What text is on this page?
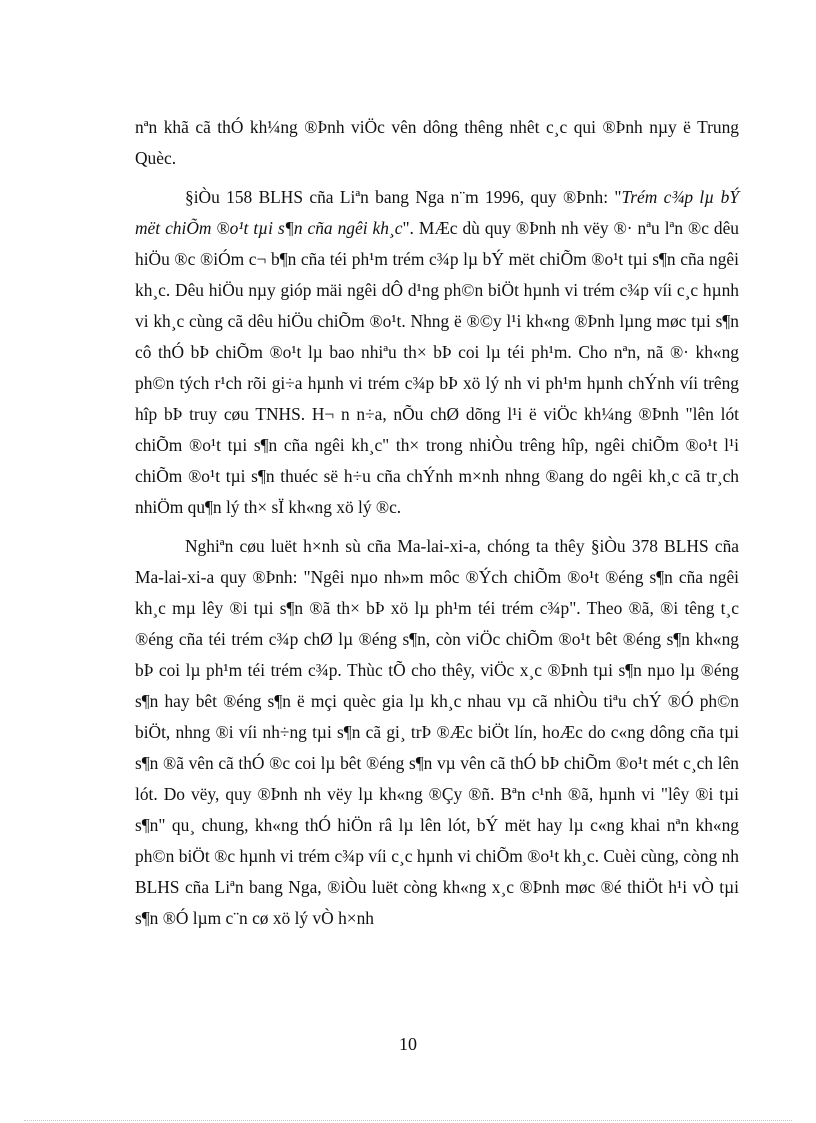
nªn khã cã thÓ kh¼ng ®Þnh viÖc vên dông thêng nhêt c¸c qui ®Þnh nµy ë Trung Quèc.

§iÒu 158 BLHS cña Liªn bang Nga n¨m 1996, quy ®Þnh: "Trém c¾p lµ bÝ mët chiÕm ®o¹t tµi s¶n cña ngêi kh¸c". MÆc dù quy ®Þnh nh vëy ®· nªu lªn ®c dêu hiÖu ®c ®iÓm c¬ b¶n cña téi ph¹m trém c¾p lµ bÝ mët chiÕm ®o¹t tµi s¶n cña ngêi kh¸c. Dêu hiÖu nµy gióp mäi ngêi dÔ d¹ng ph©n biÖt hµnh vi trém c¾p víi c¸c hµnh vi kh¸c cùng cã dêu hiÖu chiÕm ®o¹t. Nhng ë ®©y l¹i kh«ng ®Þnh lµng møc tµi s¶n cô thÓ bÞ chiÕm ®o¹t lµ bao nhiªu th× bÞ coi lµ téi ph¹m. Cho nªn, nã ®· kh«ng ph©n tých r¹ch rõi gi÷a hµnh vi trém c¾p bÞ xö lý nh vi ph¹m hµnh chÝnh víi trêng hîp bÞ truy cøu TNHS. H¬ n n÷a, nÕu chØ dõng l¹i ë viÖc kh¼ng ®Þnh "lên lót chiÕm ®o¹t tµi s¶n cña ngêi kh¸c" th× trong nhiÒu trêng hîp, ngêi chiÕm ®o¹t l¹i chiÕm ®o¹t tµi s¶n thuéc së h÷u cña chÝnh m×nh nhng ®ang do ngêi kh¸c cã tr¸ch nhiÖm qu¶n lý th× sÏ kh«ng xö lý ®c.

Nghiªn cøu luët h×nh sù cña Ma-lai-xi-a, chóng ta thêy §iÒu 378 BLHS cña Ma-lai-xi-a quy ®Þnh: "Ngêi nµo nh»m môc ®Ých chiÕm ®o¹t ®éng s¶n cña ngêi kh¸c mµ lêy ®i tµi s¶n ®ã th× bÞ xö lµ ph¹m téi trém c¾p". Theo ®ã, ®i têng t¸c ®éng cña téi trém c¾p chØ lµ ®éng s¶n, còn viÖc chiÕm ®o¹t bêt ®éng s¶n kh«ng bÞ coi lµ ph¹m téi trém c¾p. Thùc tÕ cho thêy, viÖc x¸c ®Þnh tµi s¶n nµo lµ ®éng s¶n hay bêt ®éng s¶n ë mçi quèc gia lµ kh¸c nhau vµ cã nhiÒu tiªu chÝ ®Ó ph©n biÖt, nhng ®i víi nh÷ng tµi s¶n cã gi¸ trÞ ®Æc biÖt lín, hoÆc do c«ng dông cña tµi s¶n ®ã vên cã thÓ ®c coi lµ bêt ®éng s¶n vµ vên cã thÓ bÞ chiÕm ®o¹t mét c¸ch lên lót. Do vëy, quy ®Þnh nh vëy lµ kh«ng ®Çy ®ñ. Bªn c¹nh ®ã, hµnh vi "lêy ®i tµi s¶n" qu¸ chung, kh«ng thÓ hiÖn râ lµ lên lót, bÝ mët hay lµ c«ng khai nªn kh«ng ph©n biÖt ®c hµnh vi trém c¾p víi c¸c hµnh vi chiÕm ®o¹t kh¸c. Cuèi cùng, còng nh BLHS cña Liªn bang Nga, ®iÒu luët còng kh«ng x¸c ®Þnh møc ®é thiÖt h¹i vÒ tµi s¶n ®Ó lµm c¨n cø xö lý vÒ h×nh

10
